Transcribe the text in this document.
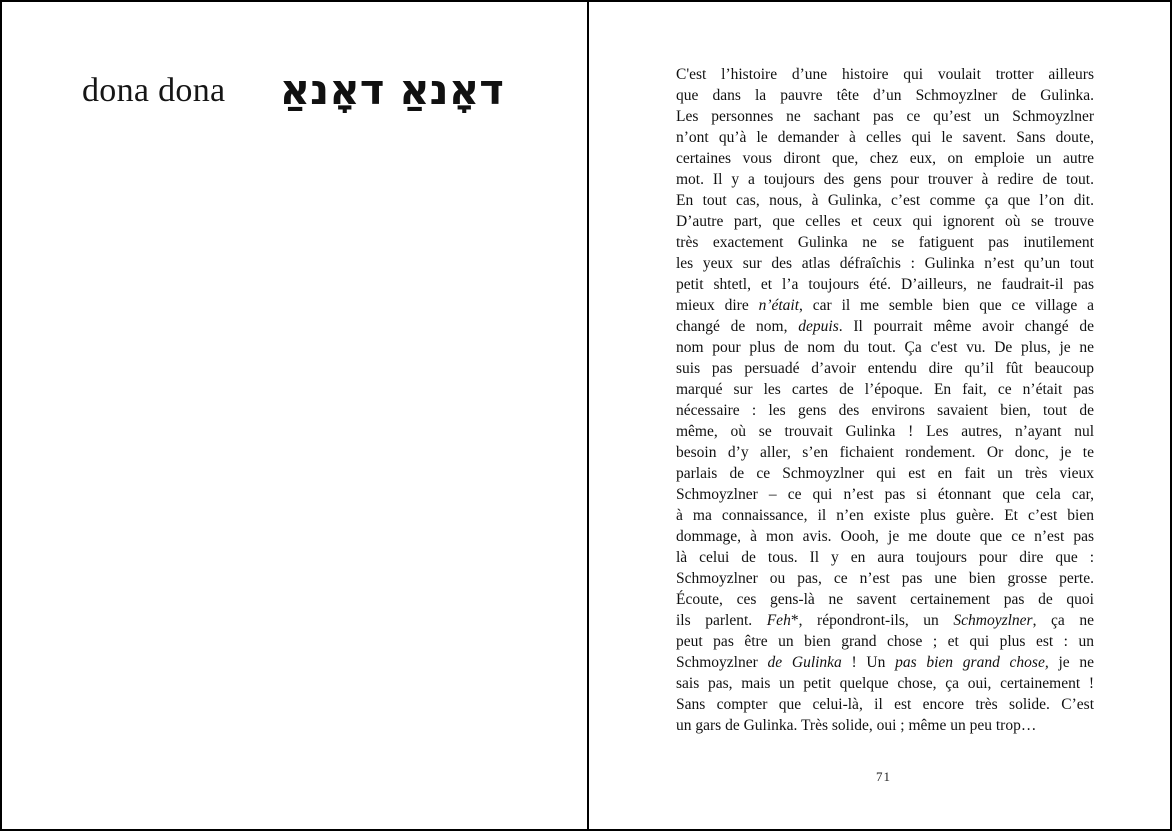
dona dona	דאָנאַ דאָנאַ	C'est l’histoire d’une histoire qui voulait trotter ailleurs
que dans la pauvre tête d’un Schmoyzlner de Gulinka.
Les personnes ne sachant pas ce qu’est un Schmoyzlner
n’ont qu’à le demander à celles qui le savent. Sans doute,
certaines vous diront que, chez eux, on emploie un autre
mot. Il y a toujours des gens pour trouver à redire de tout.
En tout cas, nous, à Gulinka, c’est comme ça que l’on dit.
D’autre part, que celles et ceux qui ignorent où se trouve
très exactement Gulinka ne se fatiguent pas inutilement
les yeux sur des atlas défraîchis : Gulinka n’est qu’un tout
petit shtetl, et l’a toujours été. D’ailleurs, ne faudrait-il pas
mieux dire n’était, car il me semble bien que ce village a
changé de nom, depuis. Il pourrait même avoir changé de
nom pour plus de nom du tout. Ça c'est vu. De plus, je ne
suis pas persuadé d’avoir entendu dire qu’il fût beaucoup
marqué sur les cartes de l’époque. En fait, ce n’était pas
nécessaire : les gens des environs savaient bien, tout de
même, où se trouvait Gulinka ! Les autres, n’ayant nul
besoin d’y aller, s’en fichaient rondement. Or donc, je te
parlais de ce Schmoyzlner qui est en fait un très vieux
Schmoyzlner – ce qui n’est pas si étonnant que cela car,
à ma connaissance, il n’en existe plus guère. Et c’est bien
dommage, à mon avis. Oooh, je me doute que ce n’est pas
là celui de tous. Il y en aura toujours pour dire que :
Schmoyzlner ou pas, ce n’est pas une bien grosse perte.
Écoute, ces gens-là ne savent certainement pas de quoi
ils parlent. Feh*, répondront-ils, un Schmoyzlner, ça ne
peut pas être un bien grand chose ; et qui plus est : un
Schmoyzlner de Gulinka ! Un pas bien grand chose, je ne
sais pas, mais un petit quelque chose, ça oui, certainement !
Sans compter que celui-là, il est encore très solide. C’est
un gars de Gulinka. Très solide, oui ; même un peu trop…
71
